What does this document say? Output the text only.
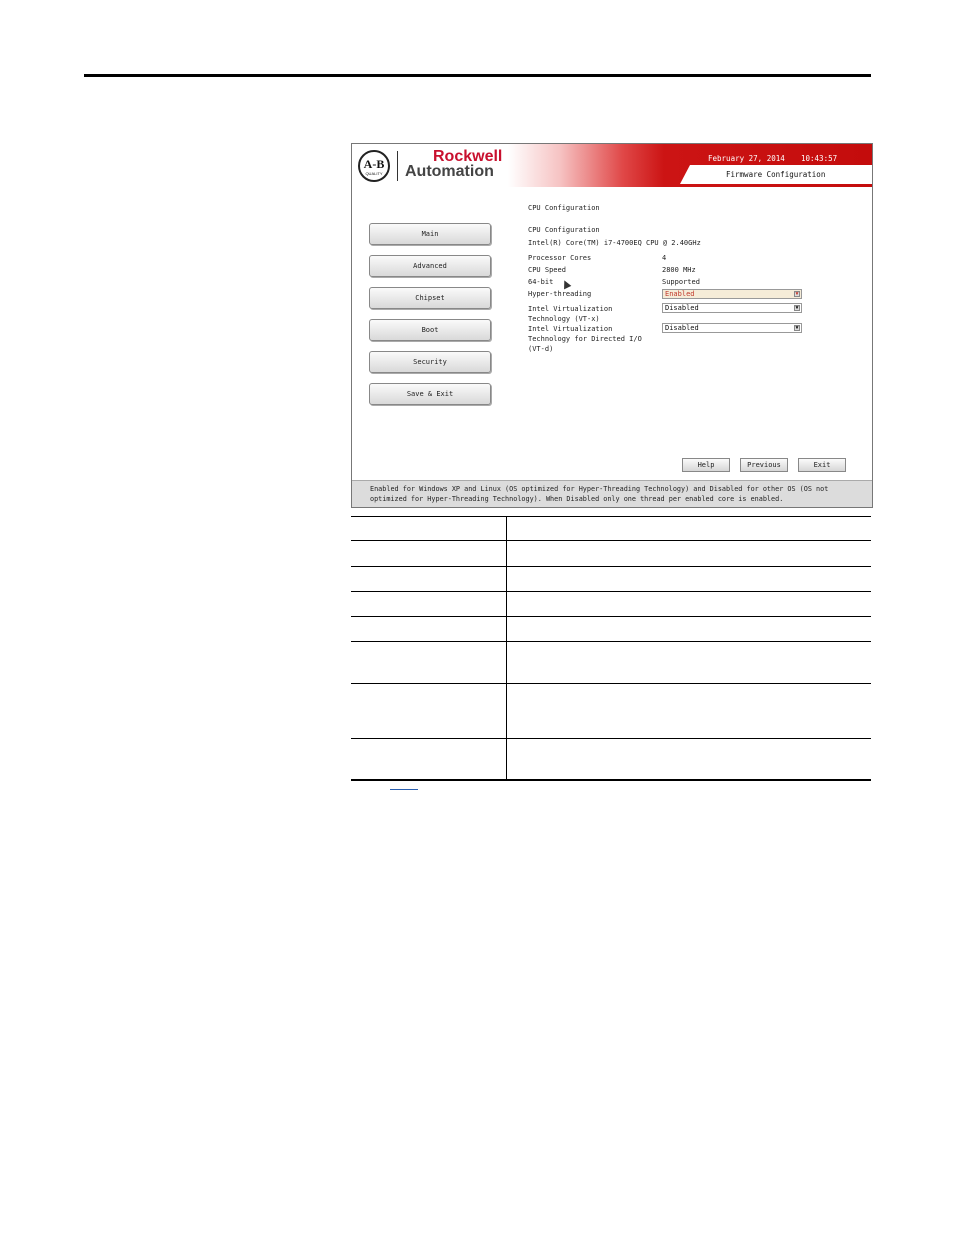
A-B
QUALITY
Rockwell
Automation
February 27, 2014 10:43:57
Firmware Configuration
Main
Advanced
Chipset
Boot
Security
Save & Exit
CPU Configuration
CPU Configuration
Intel(R) Core(TM) i7-4700EQ CPU @ 2.40GHz
Processor Cores	4
CPU Speed	2800 MHz
64-bit	Supported
Hyper-threading	Enabled	▼
Intel Virtualization
Technology (VT-x)
Disabled	▼
Intel Virtualization
Technology for Directed I/O
(VT-d)
Disabled	▼
Help	Previous	Exit
Enabled for Windows XP and Linux (OS optimized for Hyper-Threading Technology) and Disabled for other OS (OS not optimized for Hyper-Threading Technology). When Disabled only one thread per enabled core is enabled.
